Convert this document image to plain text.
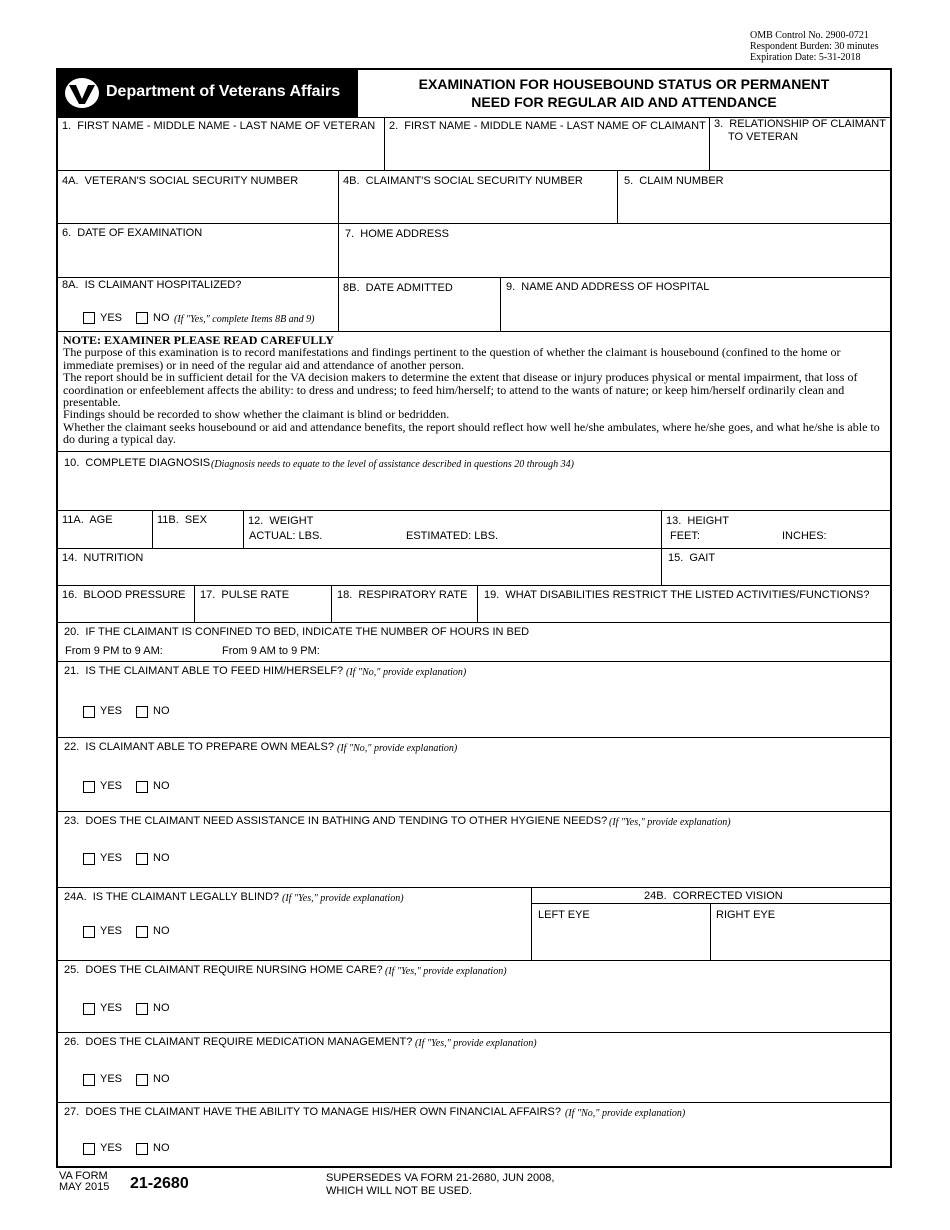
OMB Control No. 2900-0721
Respondent Burden: 30 minutes
Expiration Date: 5-31-2018
Department of Veterans Affairs	EXAMINATION FOR HOUSEBOUND STATUS OR PERMANENT
NEED FOR REGULAR AID AND ATTENDANCE
1.  FIRST NAME - MIDDLE NAME - LAST NAME OF VETERAN 2.  FIRST NAME - MIDDLE NAME - LAST NAME OF CLAIMANT 3.  RELATIONSHIP OF CLAIMANT
TO VETERAN
4A.  VETERAN'S SOCIAL SECURITY NUMBER	4B.  CLAIMANT'S SOCIAL SECURITY NUMBER	5.  CLAIM NUMBER
6.  DATE OF EXAMINATION	7.  HOME ADDRESS
8A.  IS CLAIMANT HOSPITALIZED?
YES	NO (If "Yes," complete Items 8B and 9)
8B.  DATE ADMITTED	9.  NAME AND ADDRESS OF HOSPITAL
NOTE: EXAMINER PLEASE READ CAREFULLY

The purpose of this examination is to record manifestations and findings pertinent to the question of whether the claimant is housebound (confined to the home or immediate premises) or in need of the regular aid and attendance of another person.

The report should be in sufficient detail for the VA decision makers to determine the extent that disease or injury produces physical or mental impairment, that loss of coordination or enfeeblement affects the ability: to dress and undress; to feed him/herself; to attend to the wants of nature; or keep him/herself ordinarily clean and presentable.

Findings should be recorded to show whether the claimant is blind or bedridden.

Whether the claimant seeks housebound or aid and attendance benefits, the report should reflect how well he/she ambulates, where he/she goes, and what he/she is able to do during a typical day.

10.  COMPLETE DIAGNOSIS (Diagnosis needs to equate to the level of assistance described in questions 20 through 34)
11A.  AGE	11B.  SEX	12.  WEIGHT
ACTUAL: LBS.	ESTIMATED: LBS.
13.  HEIGHT
FEET:	INCHES:
14.  NUTRITION	15.  GAIT
16.  BLOOD PRESSURE 17.  PULSE RATE	18.  RESPIRATORY RATE 19.  WHAT DISABILITIES RESTRICT THE LISTED ACTIVITIES/FUNCTIONS?
20.  IF THE CLAIMANT IS CONFINED TO BED, INDICATE THE NUMBER OF HOURS IN BED
From 9 PM to 9 AM:	From 9 AM to 9 PM:
21.  IS THE CLAIMANT ABLE TO FEED HIM/HERSELF? (If "No," provide explanation)
YES	NO
22.  IS CLAIMANT ABLE TO PREPARE OWN MEALS? (If "No," provide explanation)
YES	NO
23.  DOES THE CLAIMANT NEED ASSISTANCE IN BATHING AND TENDING TO OTHER HYGIENE NEEDS? (If "Yes," provide explanation)
YES	NO
24A.  IS THE CLAIMANT LEGALLY BLIND? (If "Yes," provide explanation)
YES	NO
24B.  CORRECTED VISION
LEFT EYE	RIGHT EYE
25.  DOES THE CLAIMANT REQUIRE NURSING HOME CARE? (If "Yes," provide explanation)
YES	NO
26.  DOES THE CLAIMANT REQUIRE MEDICATION MANAGEMENT? (If "Yes," provide explanation)
YES	NO
27.  DOES THE CLAIMANT HAVE THE ABILITY TO MANAGE HIS/HER OWN FINANCIAL AFFAIRS? (If "No," provide explanation)
YES	NO
VA FORM
MAY 2015 21-2680	SUPERSEDES VA FORM 21-2680, JUN 2008,
WHICH WILL NOT BE USED.
